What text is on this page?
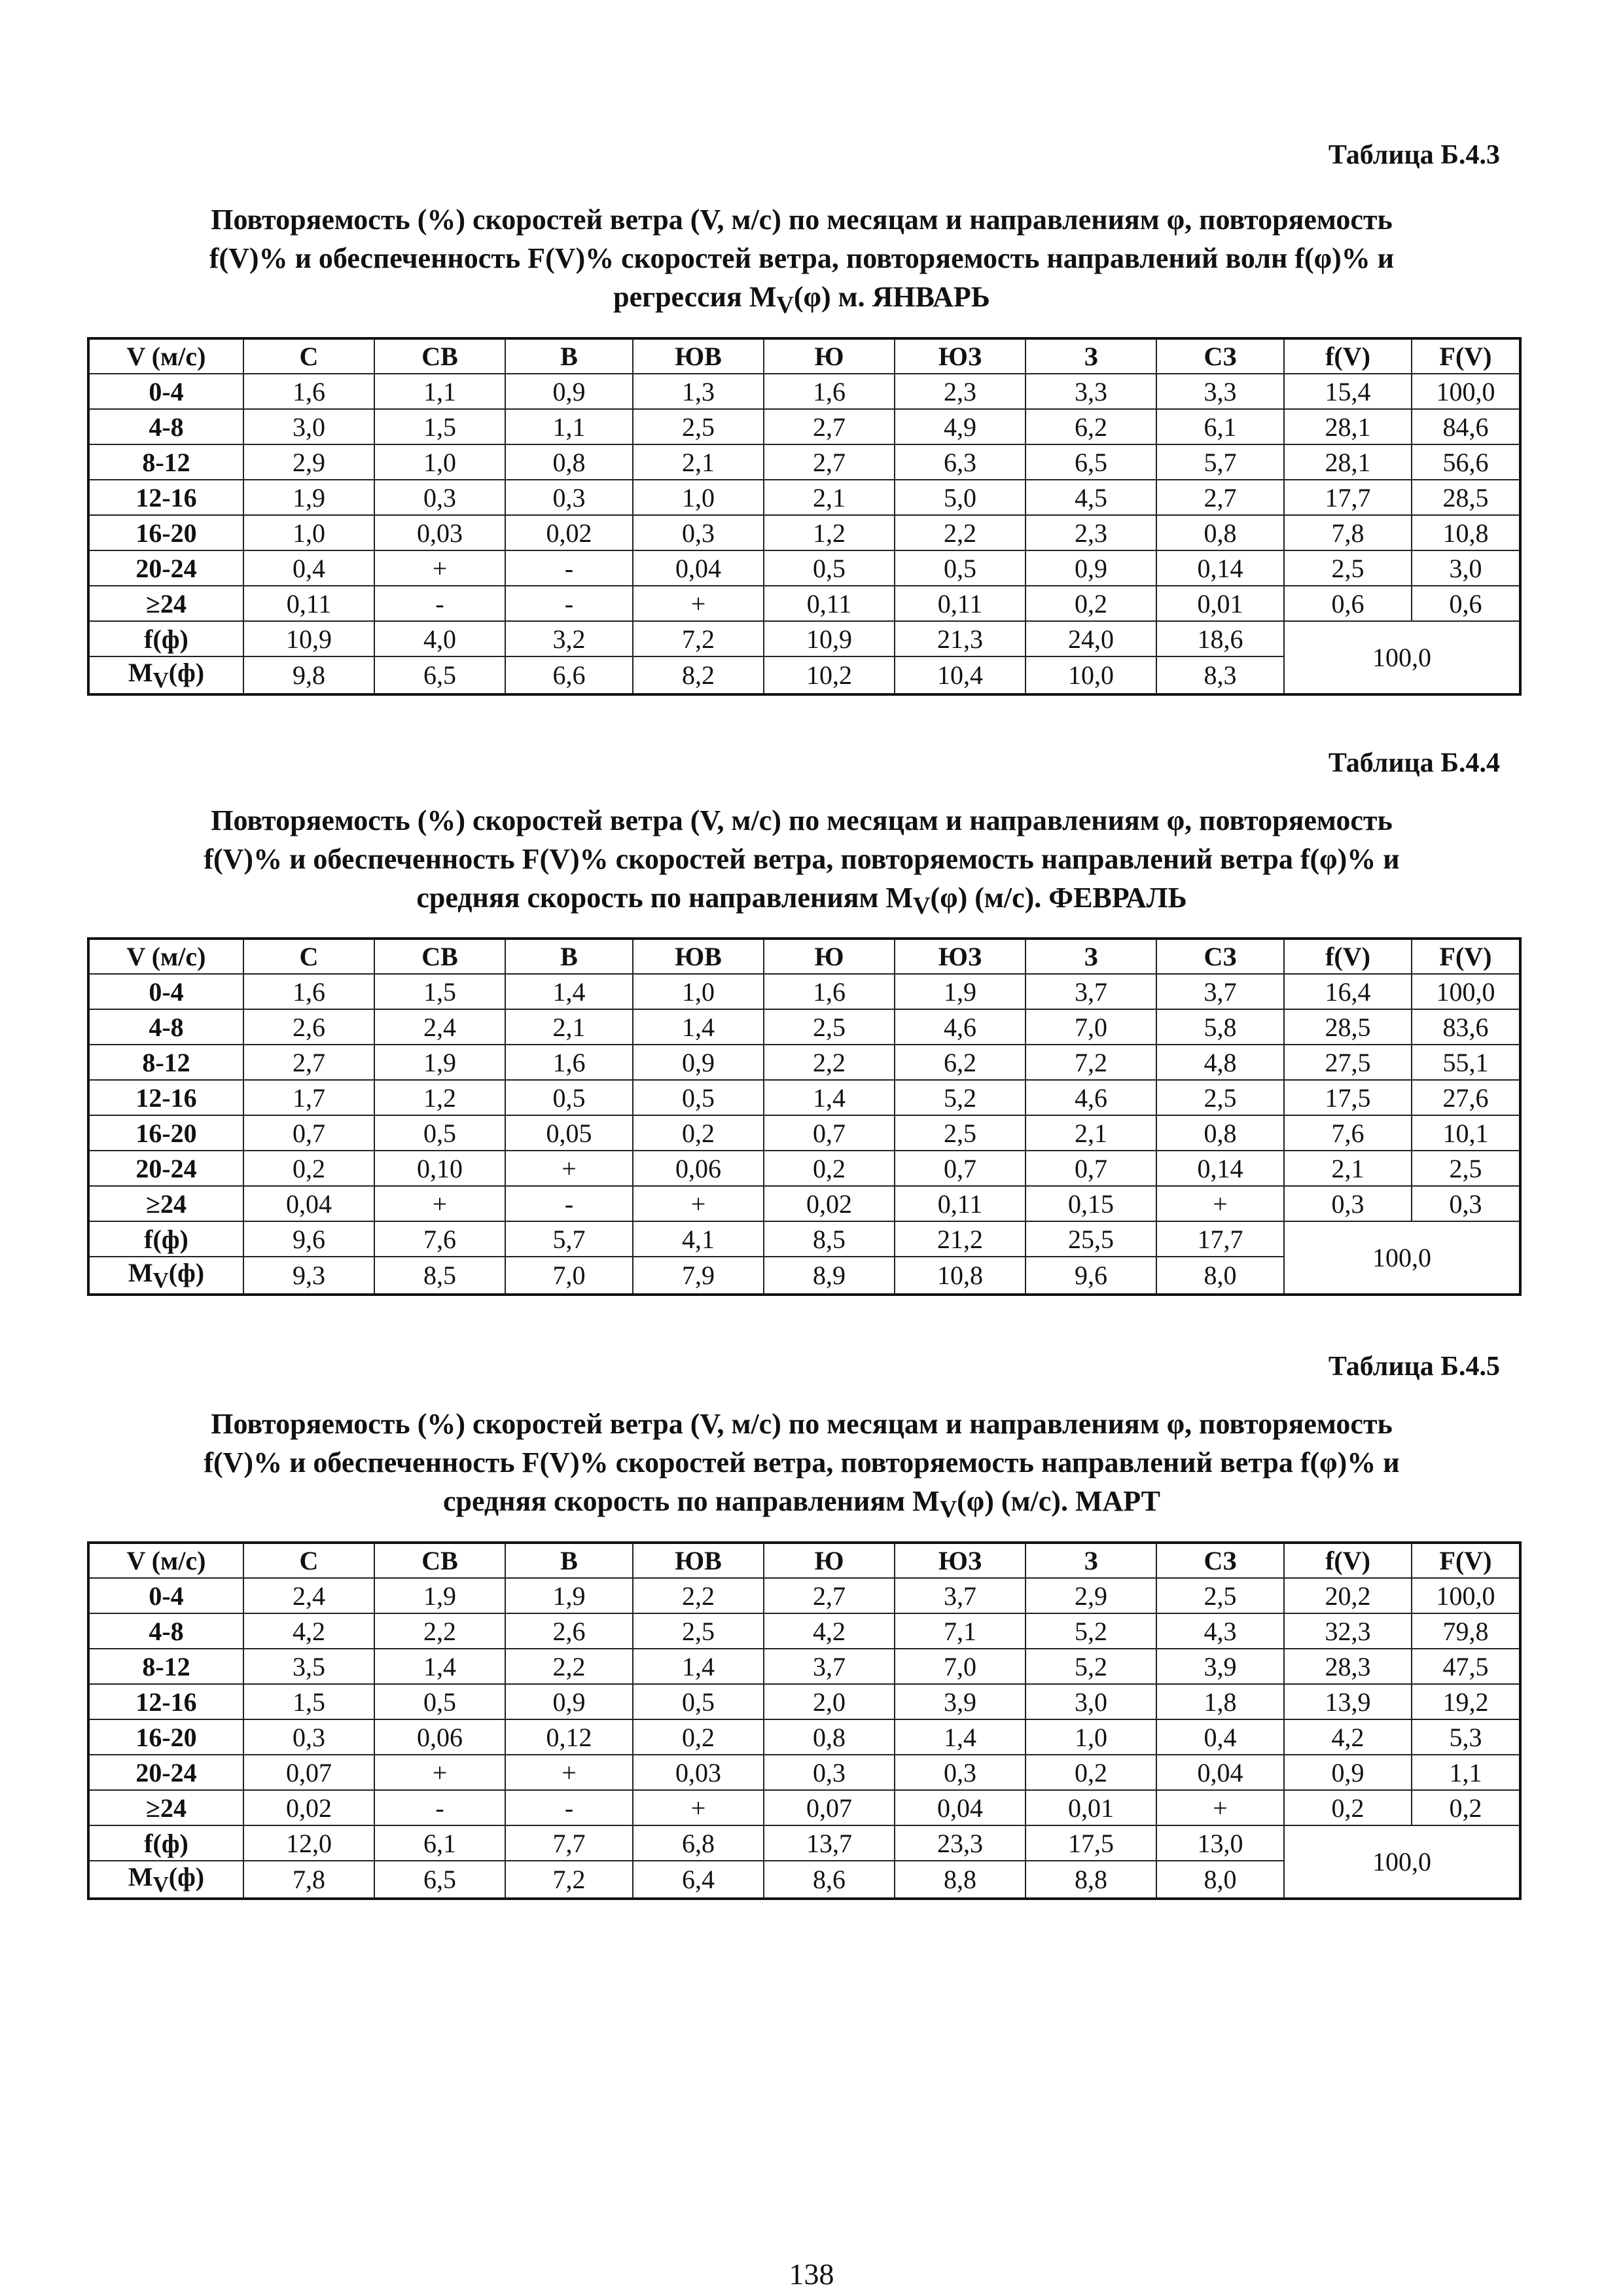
Таблица Б.4.3
Повторяемость (%) скоростей ветра (V, м/с) по месяцам и направлениям φ, повторяемость
f(V)% и обеспеченность F(V)% скоростей ветра, повторяемость направлений волн f(φ)% и
регрессия $M_V(\varphi)$ м. ЯНВАРЬ
V (м/с)	С	СВ	В	ЮВ	Ю	ЮЗ	З	СЗ	f(V)	F(V)
0-4	1,6	1,1	0,9	1,3	1,6	2,3	3,3	3,3	15,4	100,0
4-8	3,0	1,5	1,1	2,5	2,7	4,9	6,2	6,1	28,1	84,6
8-12	2,9	1,0	0,8	2,1	2,7	6,3	6,5	5,7	28,1	56,6
12-16	1,9	0,3	0,3	1,0	2,1	5,0	4,5	2,7	17,7	28,5
16-20	1,0	0,03	0,02	0,3	1,2	2,2	2,3	0,8	7,8	10,8
20-24	0,4	+	-	0,04	0,5	0,5	0,9	0,14	2,5	3,0
≥24	0,11	-	-	+	0,11	0,11	0,2	0,01	0,6	0,6
f(ф)	10,9	4,0	3,2	7,2	10,9	21,3	24,0	18,6	100,0	
$M_V(ф)$	9,8	6,5	6,6	8,2	10,2	10,4	10,0	8,3		
Таблица Б.4.4
Повторяемость (%) скоростей ветра (V, м/с) по месяцам и направлениям φ, повторяемость
f(V)% и обеспеченность F(V)% скоростей ветра, повторяемость направлений ветра f(φ)% и
средняя скорость по направлениям $M_V(\varphi)$ (м/с). ФЕВРАЛЬ
V (м/с)	С	СВ	В	ЮВ	Ю	ЮЗ	З	СЗ	f(V)	F(V)
0-4	1,6	1,5	1,4	1,0	1,6	1,9	3,7	3,7	16,4	100,0
4-8	2,6	2,4	2,1	1,4	2,5	4,6	7,0	5,8	28,5	83,6
8-12	2,7	1,9	1,6	0,9	2,2	6,2	7,2	4,8	27,5	55,1
12-16	1,7	1,2	0,5	0,5	1,4	5,2	4,6	2,5	17,5	27,6
16-20	0,7	0,5	0,05	0,2	0,7	2,5	2,1	0,8	7,6	10,1
20-24	0,2	0,10	+	0,06	0,2	0,7	0,7	0,14	2,1	2,5
≥24	0,04	+	-	+	0,02	0,11	0,15	+	0,3	0,3
f(ф)	9,6	7,6	5,7	4,1	8,5	21,2	25,5	17,7	100,0	
$M_V(ф)$	9,3	8,5	7,0	7,9	8,9	10,8	9,6	8,0		
Таблица Б.4.5
Повторяемость (%) скоростей ветра (V, м/с) по месяцам и направлениям φ, повторяемость
f(V)% и обеспеченность F(V)% скоростей ветра, повторяемость направлений ветра f(φ)% и
средняя скорость по направлениям $M_V(\varphi)$ (м/с). МАРТ
V (м/с)	С	СВ	В	ЮВ	Ю	ЮЗ	З	СЗ	f(V)	F(V)
0-4	2,4	1,9	1,9	2,2	2,7	3,7	2,9	2,5	20,2	100,0
4-8	4,2	2,2	2,6	2,5	4,2	7,1	5,2	4,3	32,3	79,8
8-12	3,5	1,4	2,2	1,4	3,7	7,0	5,2	3,9	28,3	47,5
12-16	1,5	0,5	0,9	0,5	2,0	3,9	3,0	1,8	13,9	19,2
16-20	0,3	0,06	0,12	0,2	0,8	1,4	1,0	0,4	4,2	5,3
20-24	0,07	+	+	0,03	0,3	0,3	0,2	0,04	0,9	1,1
≥24	0,02	-	-	+	0,07	0,04	0,01	+	0,2	0,2
f(ф)	12,0	6,1	7,7	6,8	13,7	23,3	17,5	13,0	100,0	
$M_V(ф)$	7,8	6,5	7,2	6,4	8,6	8,8	8,8	8,0		
138
